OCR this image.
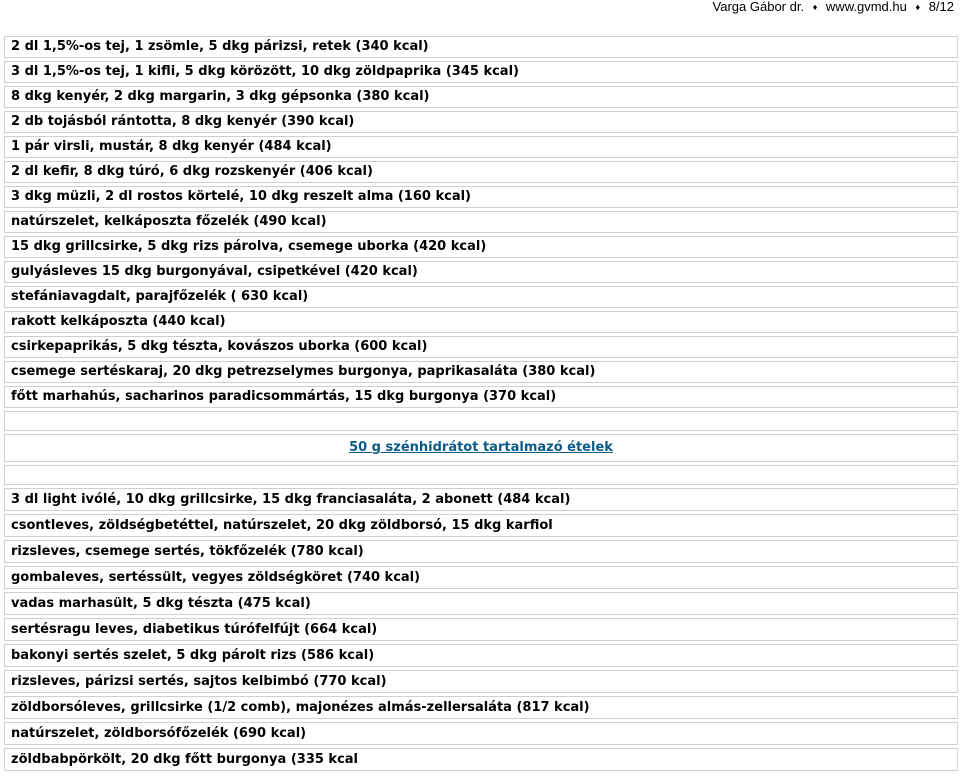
Varga Gábor dr. ♦ www.gvmd.hu ♦ 8/12
2 dl 1,5%-os tej, 1 zsömle, 5 dkg párizsi, retek (340 kcal)
3 dl 1,5%-os tej, 1 kifli, 5 dkg körözött, 10 dkg zöldpaprika (345 kcal)
8 dkg kenyér, 2 dkg margarin, 3 dkg gépsonka (380 kcal)
2 db tojásból rántotta, 8 dkg kenyér (390 kcal)
1 pár virsli, mustár, 8 dkg kenyér (484 kcal)
2 dl kefir, 8 dkg túró, 6 dkg rozskenyér (406 kcal)
3 dkg müzli, 2 dl rostos körtelé, 10 dkg reszelt alma (160 kcal)
natúrszelet, kelkáposzta főzelék (490 kcal)
15 dkg grillcsirke, 5 dkg rizs párolva, csemege uborka (420 kcal)
gulyásleves 15 dkg burgonyával, csipetkével (420 kcal)
stefániavagdalt, parajfőzelék ( 630 kcal)
rakott kelkáposzta (440 kcal)
csirkepaprikás, 5 dkg tészta, kovászos uborka (600 kcal)
csemege sertéskaraj, 20 dkg petrezselymes burgonya, paprikasaláta (380 kcal)
főtt marhahús, sacharinos paradicsommártás, 15 dkg burgonya (370 kcal)

50 g szénhidrátot tartalmazó ételek

3 dl light ivólé, 10 dkg grillcsirke, 15 dkg franciasaláta, 2 abonett (484 kcal)
csontleves, zöldségbetéttel, natúrszelet, 20 dkg zöldborsó, 15 dkg karfiol
rizsleves, csemege sertés, tökfőzelék (780 kcal)
gombaleves, sertéssült, vegyes zöldségköret (740 kcal)
vadas marhasült, 5 dkg tészta (475 kcal)
sertésragu leves, diabetikus túrófelfújt (664 kcal)
bakonyi sertés szelet, 5 dkg párolt rizs (586 kcal)
rizsleves, párizsi sertés, sajtos kelbimbó (770 kcal)
zöldborsóleves, grillcsirke (1/2 comb), majonézes almás-zellersaláta (817 kcal)
natúrszelet, zöldborsófőzelék (690 kcal)
zöldbabpörkölt, 20 dkg főtt burgonya (335 kcal
